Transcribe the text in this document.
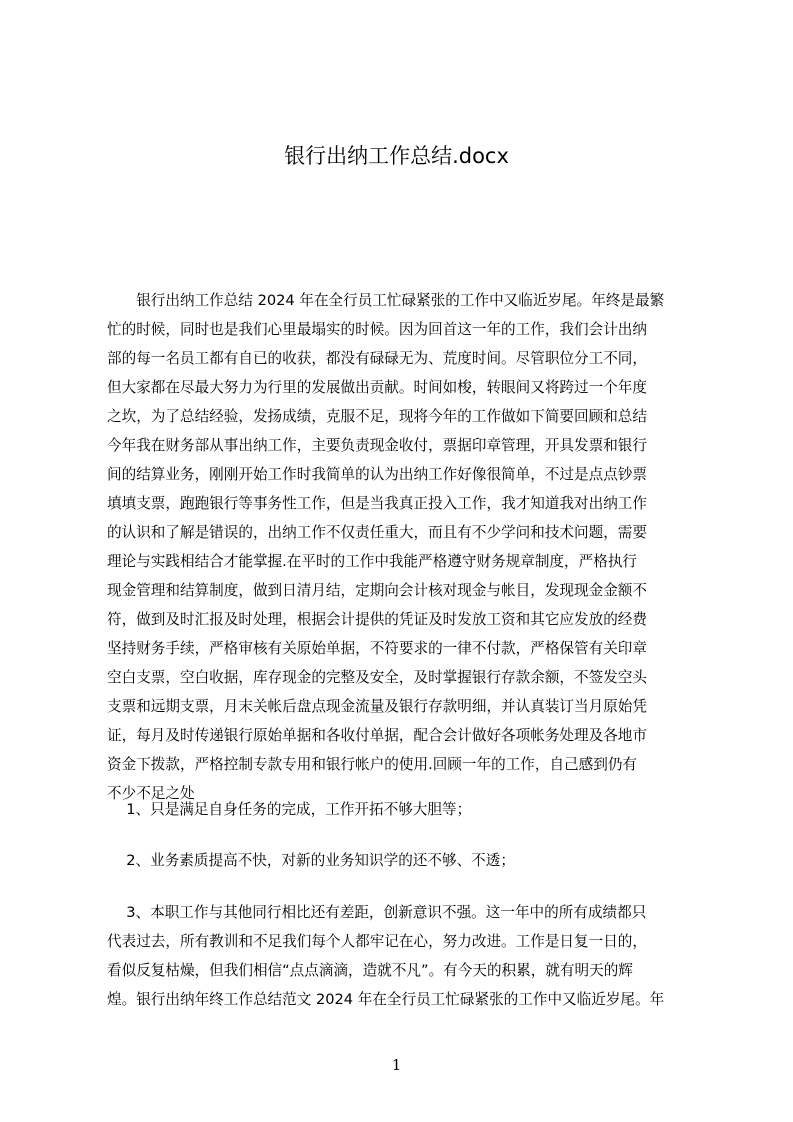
银行出纳工作总结.docx
　　银行出纳工作总结 2024 年在全行员工忙碌紧张的工作中又临近岁尾。年终是最繁
忙的时候，同时也是我们心里最塌实的时候。因为回首这一年的工作，我们会计出纳
部的每一名员工都有自已的收获，都没有碌碌无为、荒度时间。尽管职位分工不同，
但大家都在尽最大努力为行里的发展做出贡献。时间如梭，转眼间又将跨过一个年度
之坎，为了总结经验，发扬成绩，克服不足，现将今年的工作做如下简要回顾和总结
今年我在财务部从事出纳工作，主要负责现金收付，票据印章管理，开具发票和银行
间的结算业务，刚刚开始工作时我简单的认为出纳工作好像很简单，不过是点点钞票
填填支票，跑跑银行等事务性工作，但是当我真正投入工作，我才知道我对出纳工作
的认识和了解是错误的，出纳工作不仅责任重大，而且有不少学问和技术问题，需要
理论与实践相结合才能掌握.在平时的工作中我能严格遵守财务规章制度，严格执行
现金管理和结算制度，做到日清月结，定期向会计核对现金与帐目，发现现金金额不
符，做到及时汇报及时处理，根据会计提供的凭证及时发放工资和其它应发放的经费
坚持财务手续，严格审核有关原始单据，不符要求的一律不付款，严格保管有关印章
空白支票，空白收据，库存现金的完整及安全，及时掌握银行存款余额，不签发空头
支票和远期支票，月末关帐后盘点现金流量及银行存款明细，并认真装订当月原始凭
证，每月及时传递银行原始单据和各收付单据，配合会计做好各项帐务处理及各地市
资金下拨款，严格控制专款专用和银行帐户的使用.回顾一年的工作，自己感到仍有
不少不足之处
　 1、只是满足自身任务的完成，工作开拓不够大胆等；
　 2、业务素质提高不快，对新的业务知识学的还不够、不透；
　 3、本职工作与其他同行相比还有差距，创新意识不强。这一年中的所有成绩都只
代表过去，所有教训和不足我们每个人都牢记在心，努力改进。工作是日复一日的，
看似反复枯燥，但我们相信“点点滴滴，造就不凡”。有今天的积累，就有明天的辉
煌。银行出纳年终工作总结范文 2024 年在全行员工忙碌紧张的工作中又临近岁尾。年
1
